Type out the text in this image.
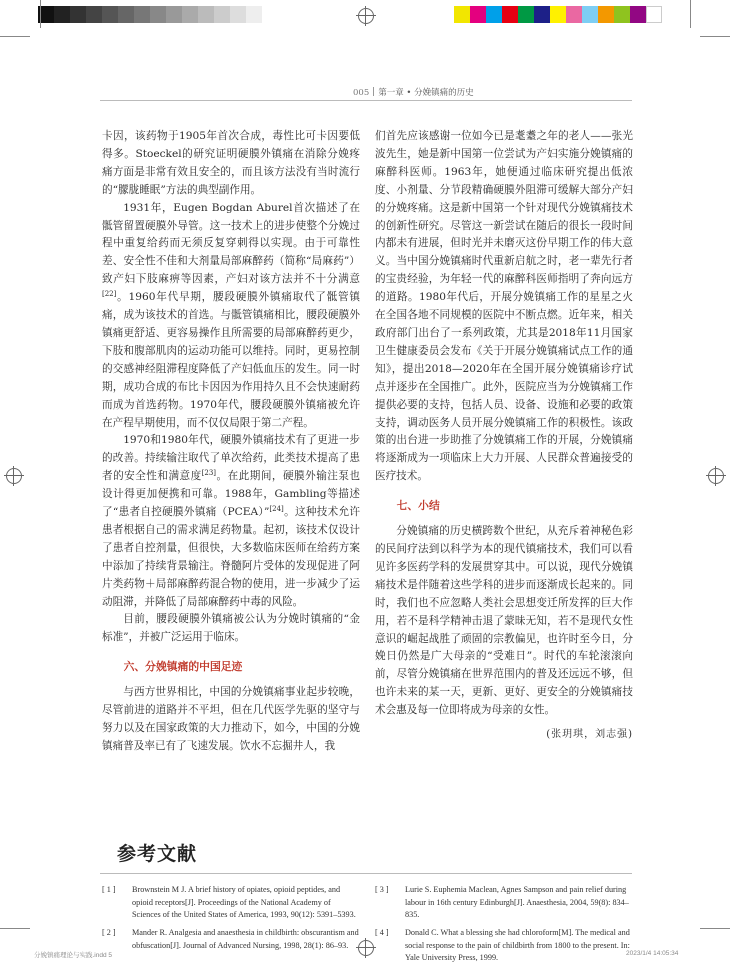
005 第一章 • 分娩镇痛的历史

卡因，该药物于1905年首次合成，毒性比可卡因要低得多。Stoeckel的研究证明硬膜外镇痛在消除分娩疼痛方面是非常有效且安全的，而且该方法没有当时流行的“朦胧睡眠”方法的典型副作用。

1931年，Eugen Bogdan Aburel首次描述了在骶管留置硬膜外导管。这一技术上的进步使整个分娩过程中重复给药而无须反复穿刺得以实现。由于可靠性差、安全性不佳和大剂量局部麻醉药（简称“局麻药”）致产妇下肢麻痹等因素，产妇对该方法并不十分满意[22]。1960年代早期，腰段硬膜外镇痛取代了骶管镇痛，成为该技术的首选。与骶管镇痛相比，腰段硬膜外镇痛更舒适、更容易操作且所需要的局部麻醉药更少，下肢和腹部肌肉的运动功能可以维持。同时，更易控制的交感神经阻滞程度降低了产妇低血压的发生。同一时期，成功合成的布比卡因因为作用持久且不会快速耐药而成为首选药物。1970年代，腰段硬膜外镇痛被允许在产程早期使用，而不仅仅局限于第二产程。

1970和1980年代，硬膜外镇痛技术有了更进一步的改善。持续输注取代了单次给药，此类技术提高了患者的安全性和满意度[23]。在此期间，硬膜外输注泵也设计得更加便携和可靠。1988年，Gambling等描述了“患者自控硬膜外镇痛（PCEA）”[24]。这种技术允许患者根据自己的需求满足药物量。起初，该技术仅设计了患者自控剂量，但很快，大多数临床医师在给药方案中添加了持续背景输注。脊髓阿片受体的发现促进了阿片类药物＋局部麻醉药混合物的使用，进一步减少了运动阻滞，并降低了局部麻醉药中毒的风险。

目前，腰段硬膜外镇痛被公认为分娩时镇痛的“金标准”，并被广泛运用于临床。

六、分娩镇痛的中国足迹

与西方世界相比，中国的分娩镇痛事业起步较晚，尽管前进的道路并不平坦，但在几代医学先驱的坚守与努力以及在国家政策的大力推动下，如今，中国的分娩镇痛普及率已有了飞速发展。饮水不忘掘井人，我

们首先应该感谢一位如今已是耄耋之年的老人——张光波先生，她是新中国第一位尝试为产妇实施分娩镇痛的麻醉科医师。1963年，她便通过临床研究提出低浓度、小剂量、分节段精确硬膜外阻滞可缓解大部分产妇的分娩疼痛。这是新中国第一个针对现代分娩镇痛技术的创新性研究。尽管这一新尝试在随后的很长一段时间内都未有进展，但时光并未磨灭这份早期工作的伟大意义。当中国分娩镇痛时代重新启航之时，老一辈先行者的宝贵经验，为年轻一代的麻醉科医师指明了奔向远方的道路。1980年代后，开展分娩镇痛工作的星星之火在全国各地不同规模的医院中不断点燃。近年来，相关政府部门出台了一系列政策，尤其是2018年11月国家卫生健康委员会发布《关于开展分娩镇痛试点工作的通知》，提出2018—2020年在全国开展分娩镇痛诊疗试点并逐步在全国推广。此外，医院应当为分娩镇痛工作提供必要的支持，包括人员、设备、设施和必要的政策支持，调动医务人员开展分娩镇痛工作的积极性。该政策的出台进一步助推了分娩镇痛工作的开展，分娩镇痛将逐渐成为一项临床上大力开展、人民群众普遍接受的医疗技术。

七、小结

分娩镇痛的历史横跨数个世纪，从充斥着神秘色彩的民间疗法到以科学为本的现代镇痛技术，我们可以看见许多医药学科的发展贯穿其中。可以说，现代分娩镇痛技术是伴随着这些学科的进步而逐渐成长起来的。同时，我们也不应忽略人类社会思想变迁所发挥的巨大作用，若不是科学精神击退了蒙昧无知，若不是现代女性意识的崛起战胜了顽固的宗教偏见，也许时至今日，分娩日仍然是广大母亲的“受难日”。时代的车轮滚滚向前，尽管分娩镇痛在世界范围内的普及还远远不够，但也许未来的某一天，更新、更好、更安全的分娩镇痛技术会惠及每一位即将成为母亲的女性。

(张玥琪，刘志强)

参考文献
[ 1 ] Brownstein M J. A brief history of opiates, opioid peptides, and opioid receptors[J]. Proceedings of the National Academy of Sciences of the United States of America, 1993, 90(12): 5391–5393.
[ 2 ] Mander R. Analgesia and anaesthesia in childbirth: obscurantism and obfuscation[J]. Journal of Advanced Nursing, 1998, 28(1): 86–93.
[ 3 ] Lurie S. Euphemia Maclean, Agnes Sampson and pain relief during labour in 16th century Edinburgh[J]. Anaesthesia, 2004, 59(8): 834–835.
[ 4 ] Donald C. What a blessing she had chloroform[M]. The medical and social response to the pain of childbirth from 1800 to the present. In: Yale University Press, 1999.
分娩镇痛理论与实践.indd 5	2023/1/4 14:05:34
